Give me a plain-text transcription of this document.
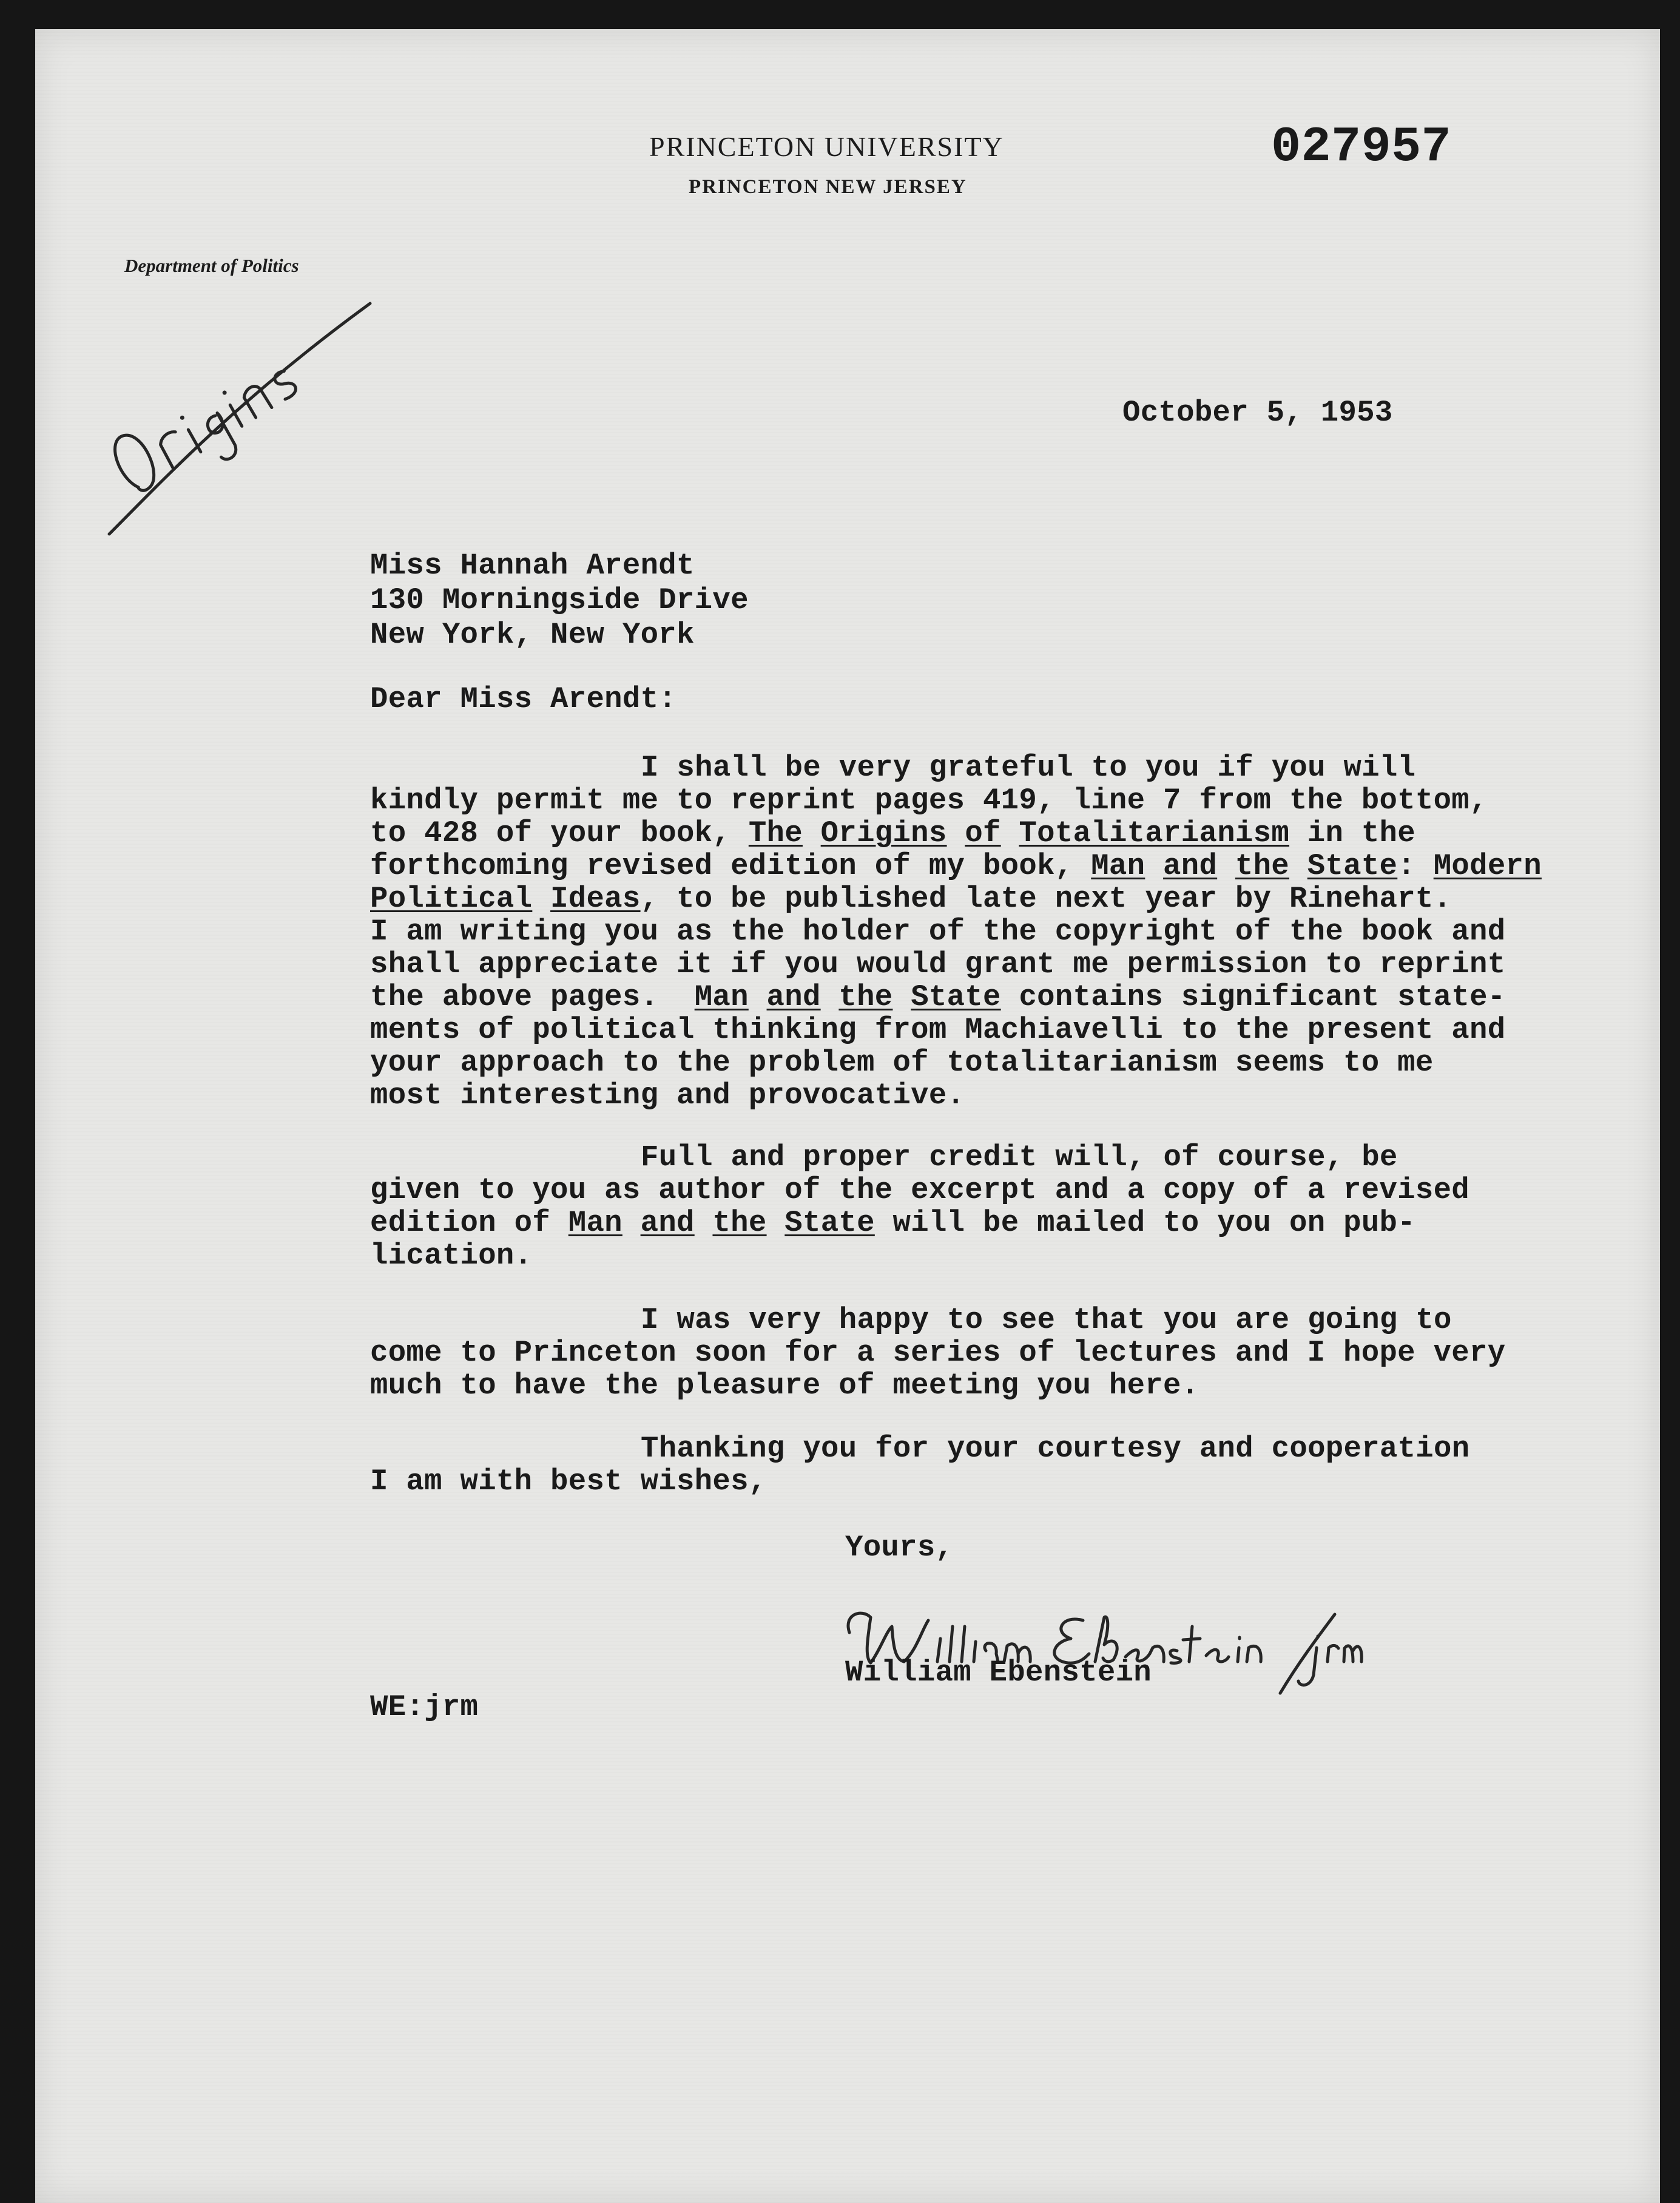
PRINCETON UNIVERSITY
PRINCETON NEW JERSEY
Department of Politics
027957
October 5, 1953
Miss Hannah Arendt
130 Morningside Drive
New York, New York
Dear Miss Arendt:
I shall be very grateful to you if you will
kindly permit me to reprint pages 419, line 7 from the bottom,
to 428 of your book, The Origins of Totalitarianism in the
forthcoming revised edition of my book, Man and the State: Modern
Political Ideas, to be published late next year by Rinehart.
I am writing you as the holder of the copyright of the book and
shall appreciate it if you would grant me permission to reprint
the above pages.  Man and the State contains significant state-
ments of political thinking from Machiavelli to the present and
your approach to the problem of totalitarianism seems to me
most interesting and provocative.
Full and proper credit will, of course, be
given to you as author of the excerpt and a copy of a revised
edition of Man and the State will be mailed to you on pub-
lication.
I was very happy to see that you are going to
come to Princeton soon for a series of lectures and I hope very
much to have the pleasure of meeting you here.
Thanking you for your courtesy and cooperation
I am with best wishes,
Yours,
William Ebenstein
WE:jrm
